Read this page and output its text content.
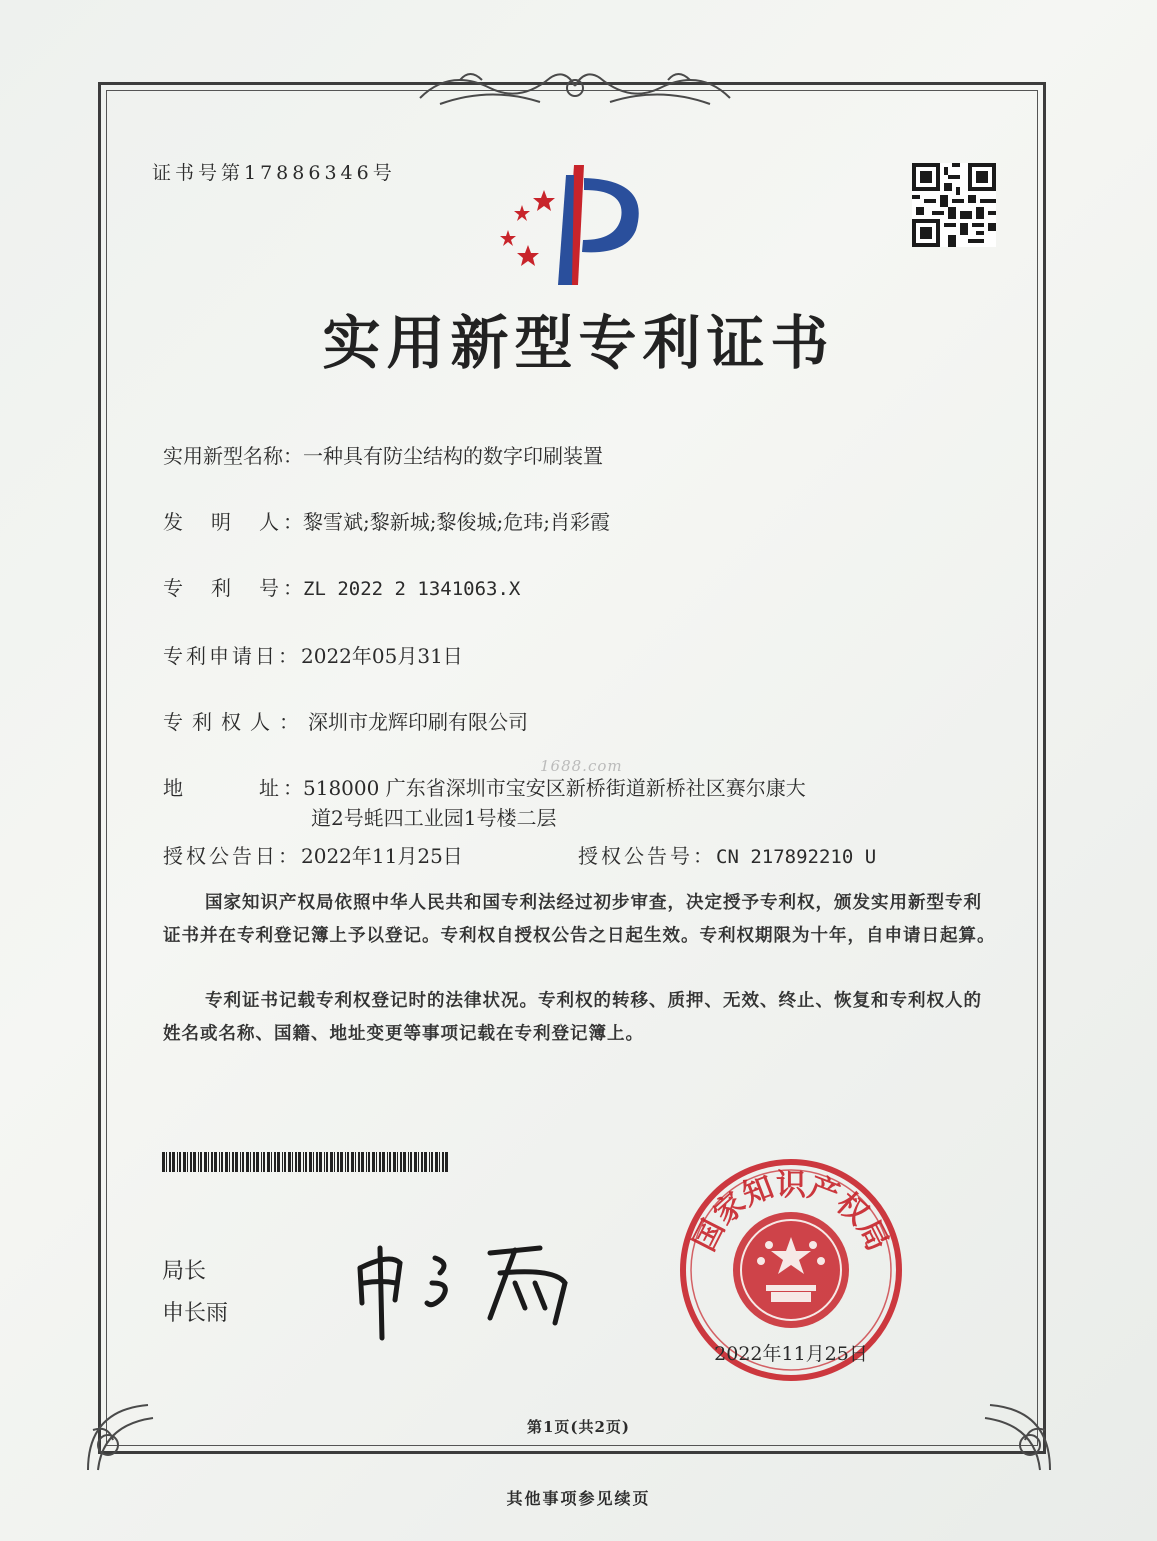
证书号第17886346号
实用新型专利证书
实用新型名称：一种具有防尘结构的数字印刷装置
发 明 人 ：黎雪斌;黎新城;黎俊城;危玮;肖彩霞
专 利 号 ：ZL 2022 2 1341063.X
专利申请日：2022年05月31日
专利权人：深圳市龙辉印刷有限公司
1688.com
地	址 ：518000 广东省深圳市宝安区新桥街道新桥社区赛尔康大
道2号蚝四工业园1号楼二层
授权公告日：2022年11月25日	授权公告号：CN 217892210 U
国家知识产权局依照中华人民共和国专利法经过初步审查，决定授予专利权，颁发实用新型专利证书并在专利登记簿上予以登记。专利权自授权公告之日起生效。专利权期限为十年，自申请日起算。
专利证书记载专利权登记时的法律状况。专利权的转移、质押、无效、终止、恢复和专利权人的姓名或名称、国籍、地址变更等事项记载在专利登记簿上。
局长
申长雨
国家知识产权局
2022年11月25日
第1页(共2页)
其他事项参见续页
